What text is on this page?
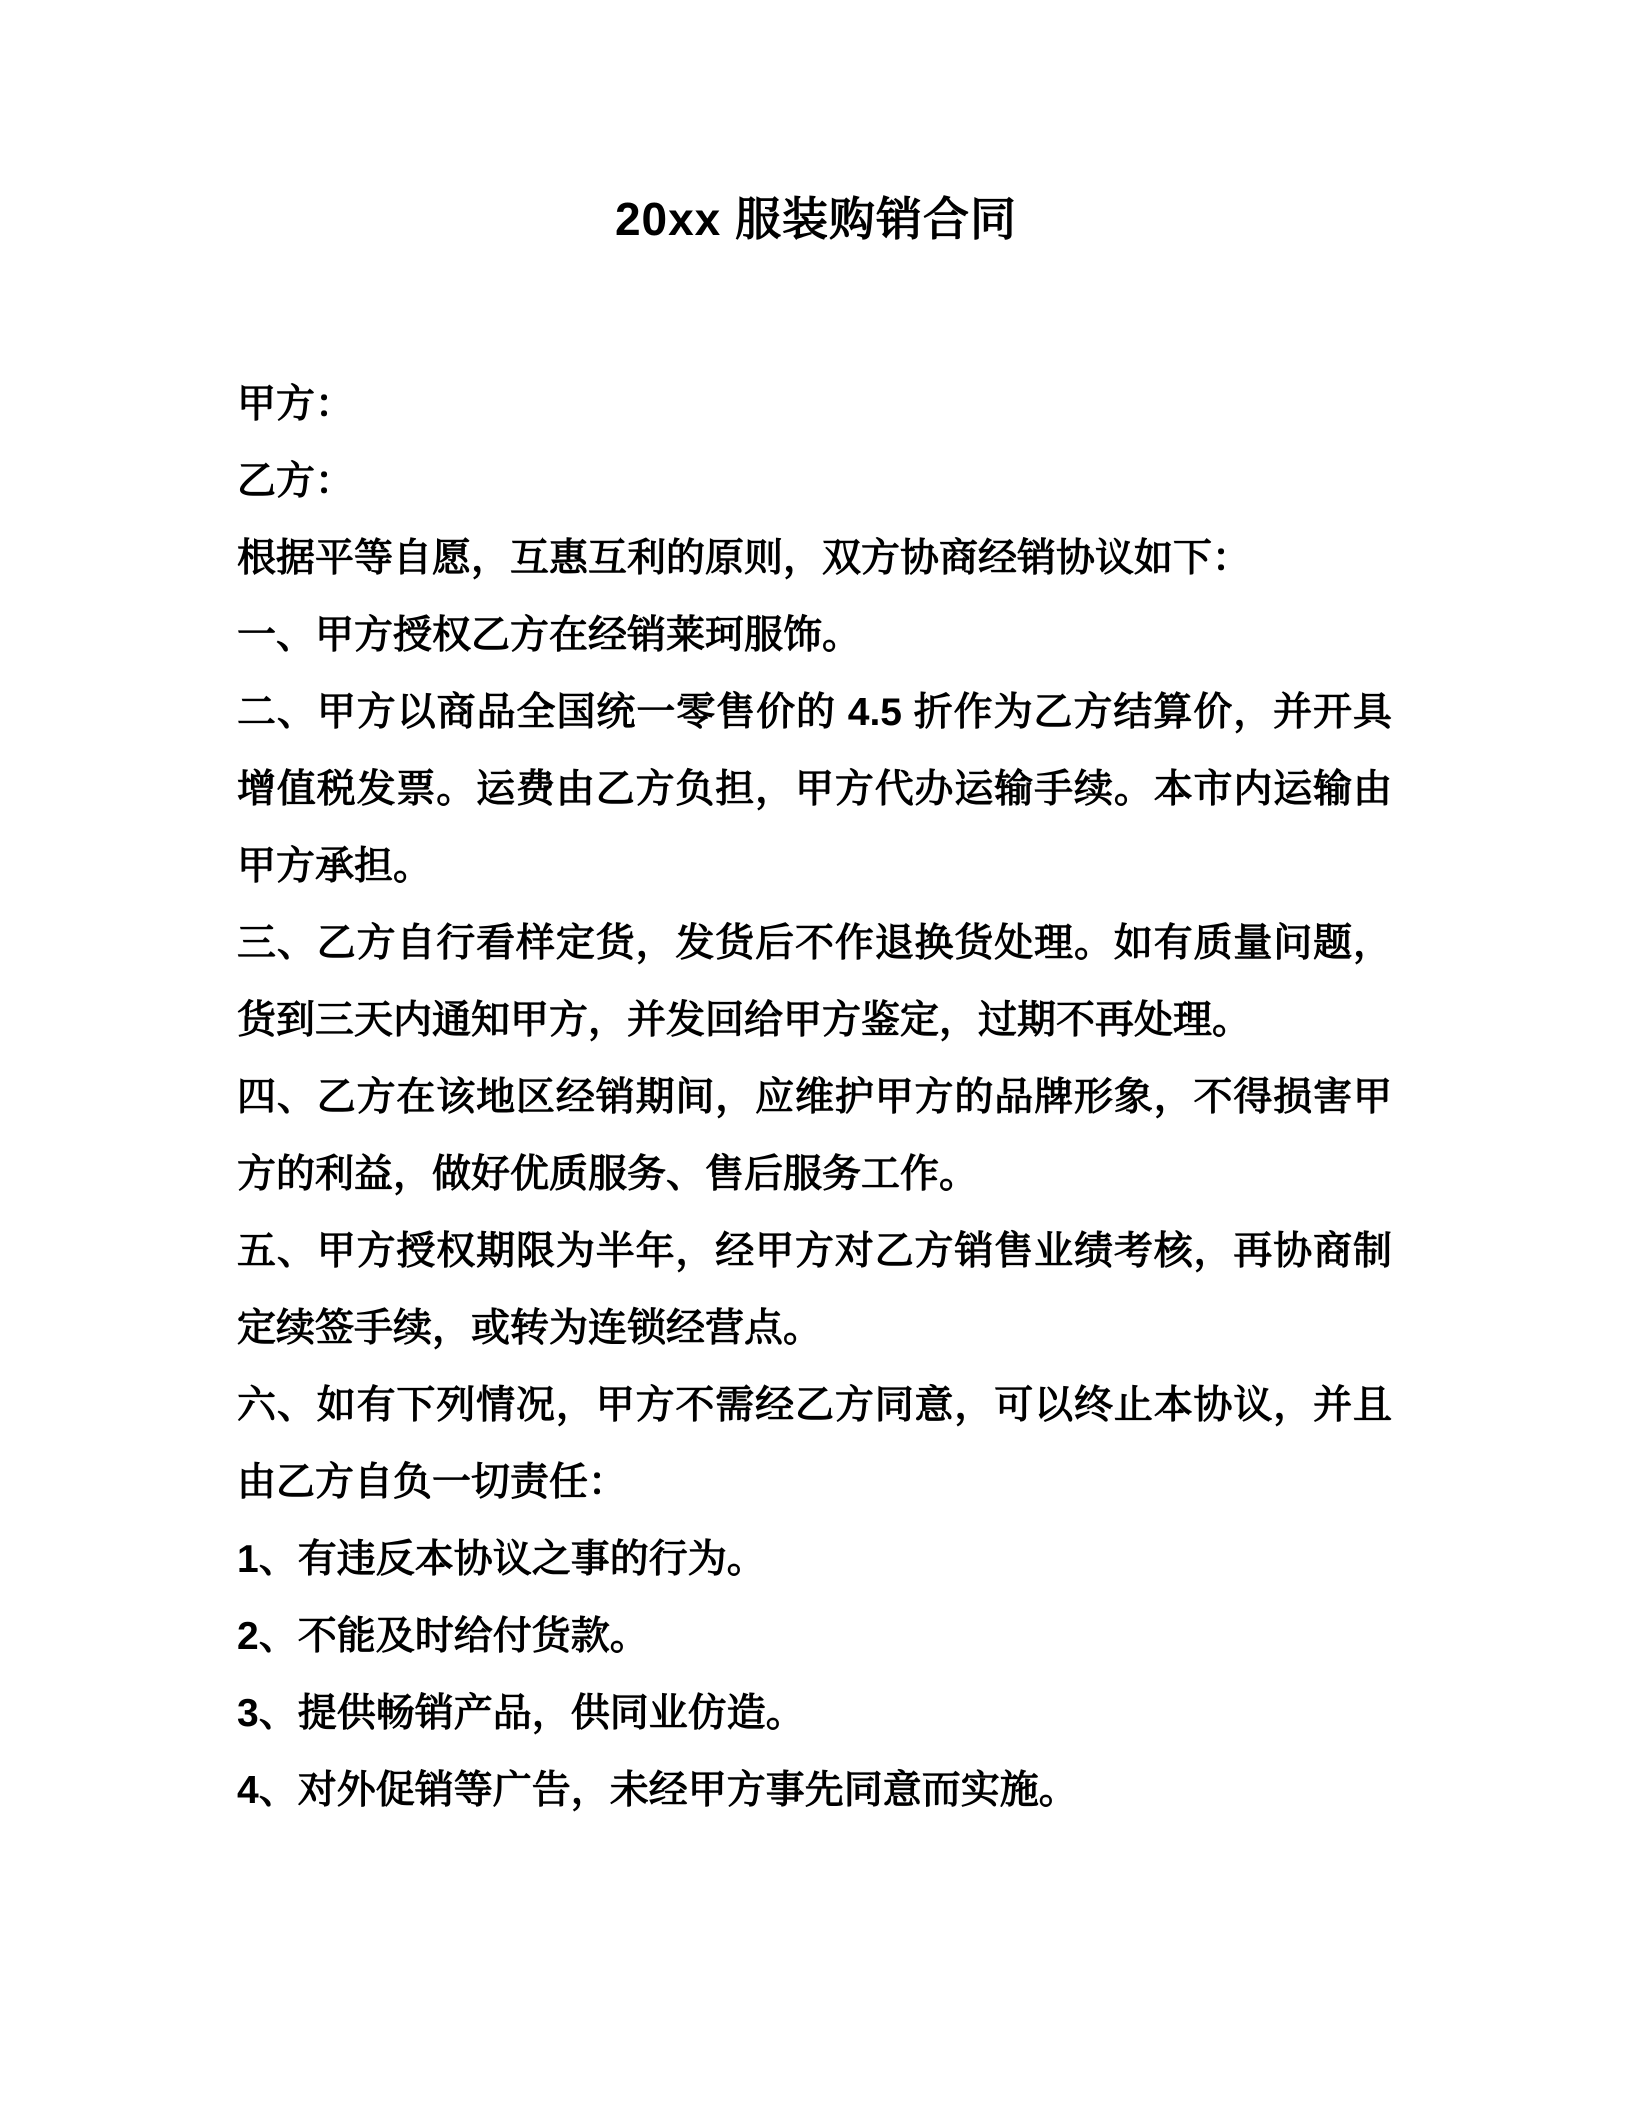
20xx 服装购销合同

甲方：

乙方：

根据平等自愿，互惠互利的原则，双方协商经销协议如下：

一、甲方授权乙方在经销莱珂服饰。

二、甲方以商品全国统一零售价的 4.5 折作为乙方结算价，并开具增值税发票。运费由乙方负担，甲方代办运输手续。本市内运输由甲方承担。

三、乙方自行看样定货，发货后不作退换货处理。如有质量问题，货到三天内通知甲方，并发回给甲方鉴定，过期不再处理。

四、乙方在该地区经销期间，应维护甲方的品牌形象，不得损害甲方的利益，做好优质服务、售后服务工作。

五、甲方授权期限为半年，经甲方对乙方销售业绩考核，再协商制定续签手续，或转为连锁经营点。

六、如有下列情况，甲方不需经乙方同意，可以终止本协议，并且由乙方自负一切责任：

1、有违反本协议之事的行为。

2、不能及时给付货款。

3、提供畅销产品，供同业仿造。

4、对外促销等广告，未经甲方事先同意而实施。
